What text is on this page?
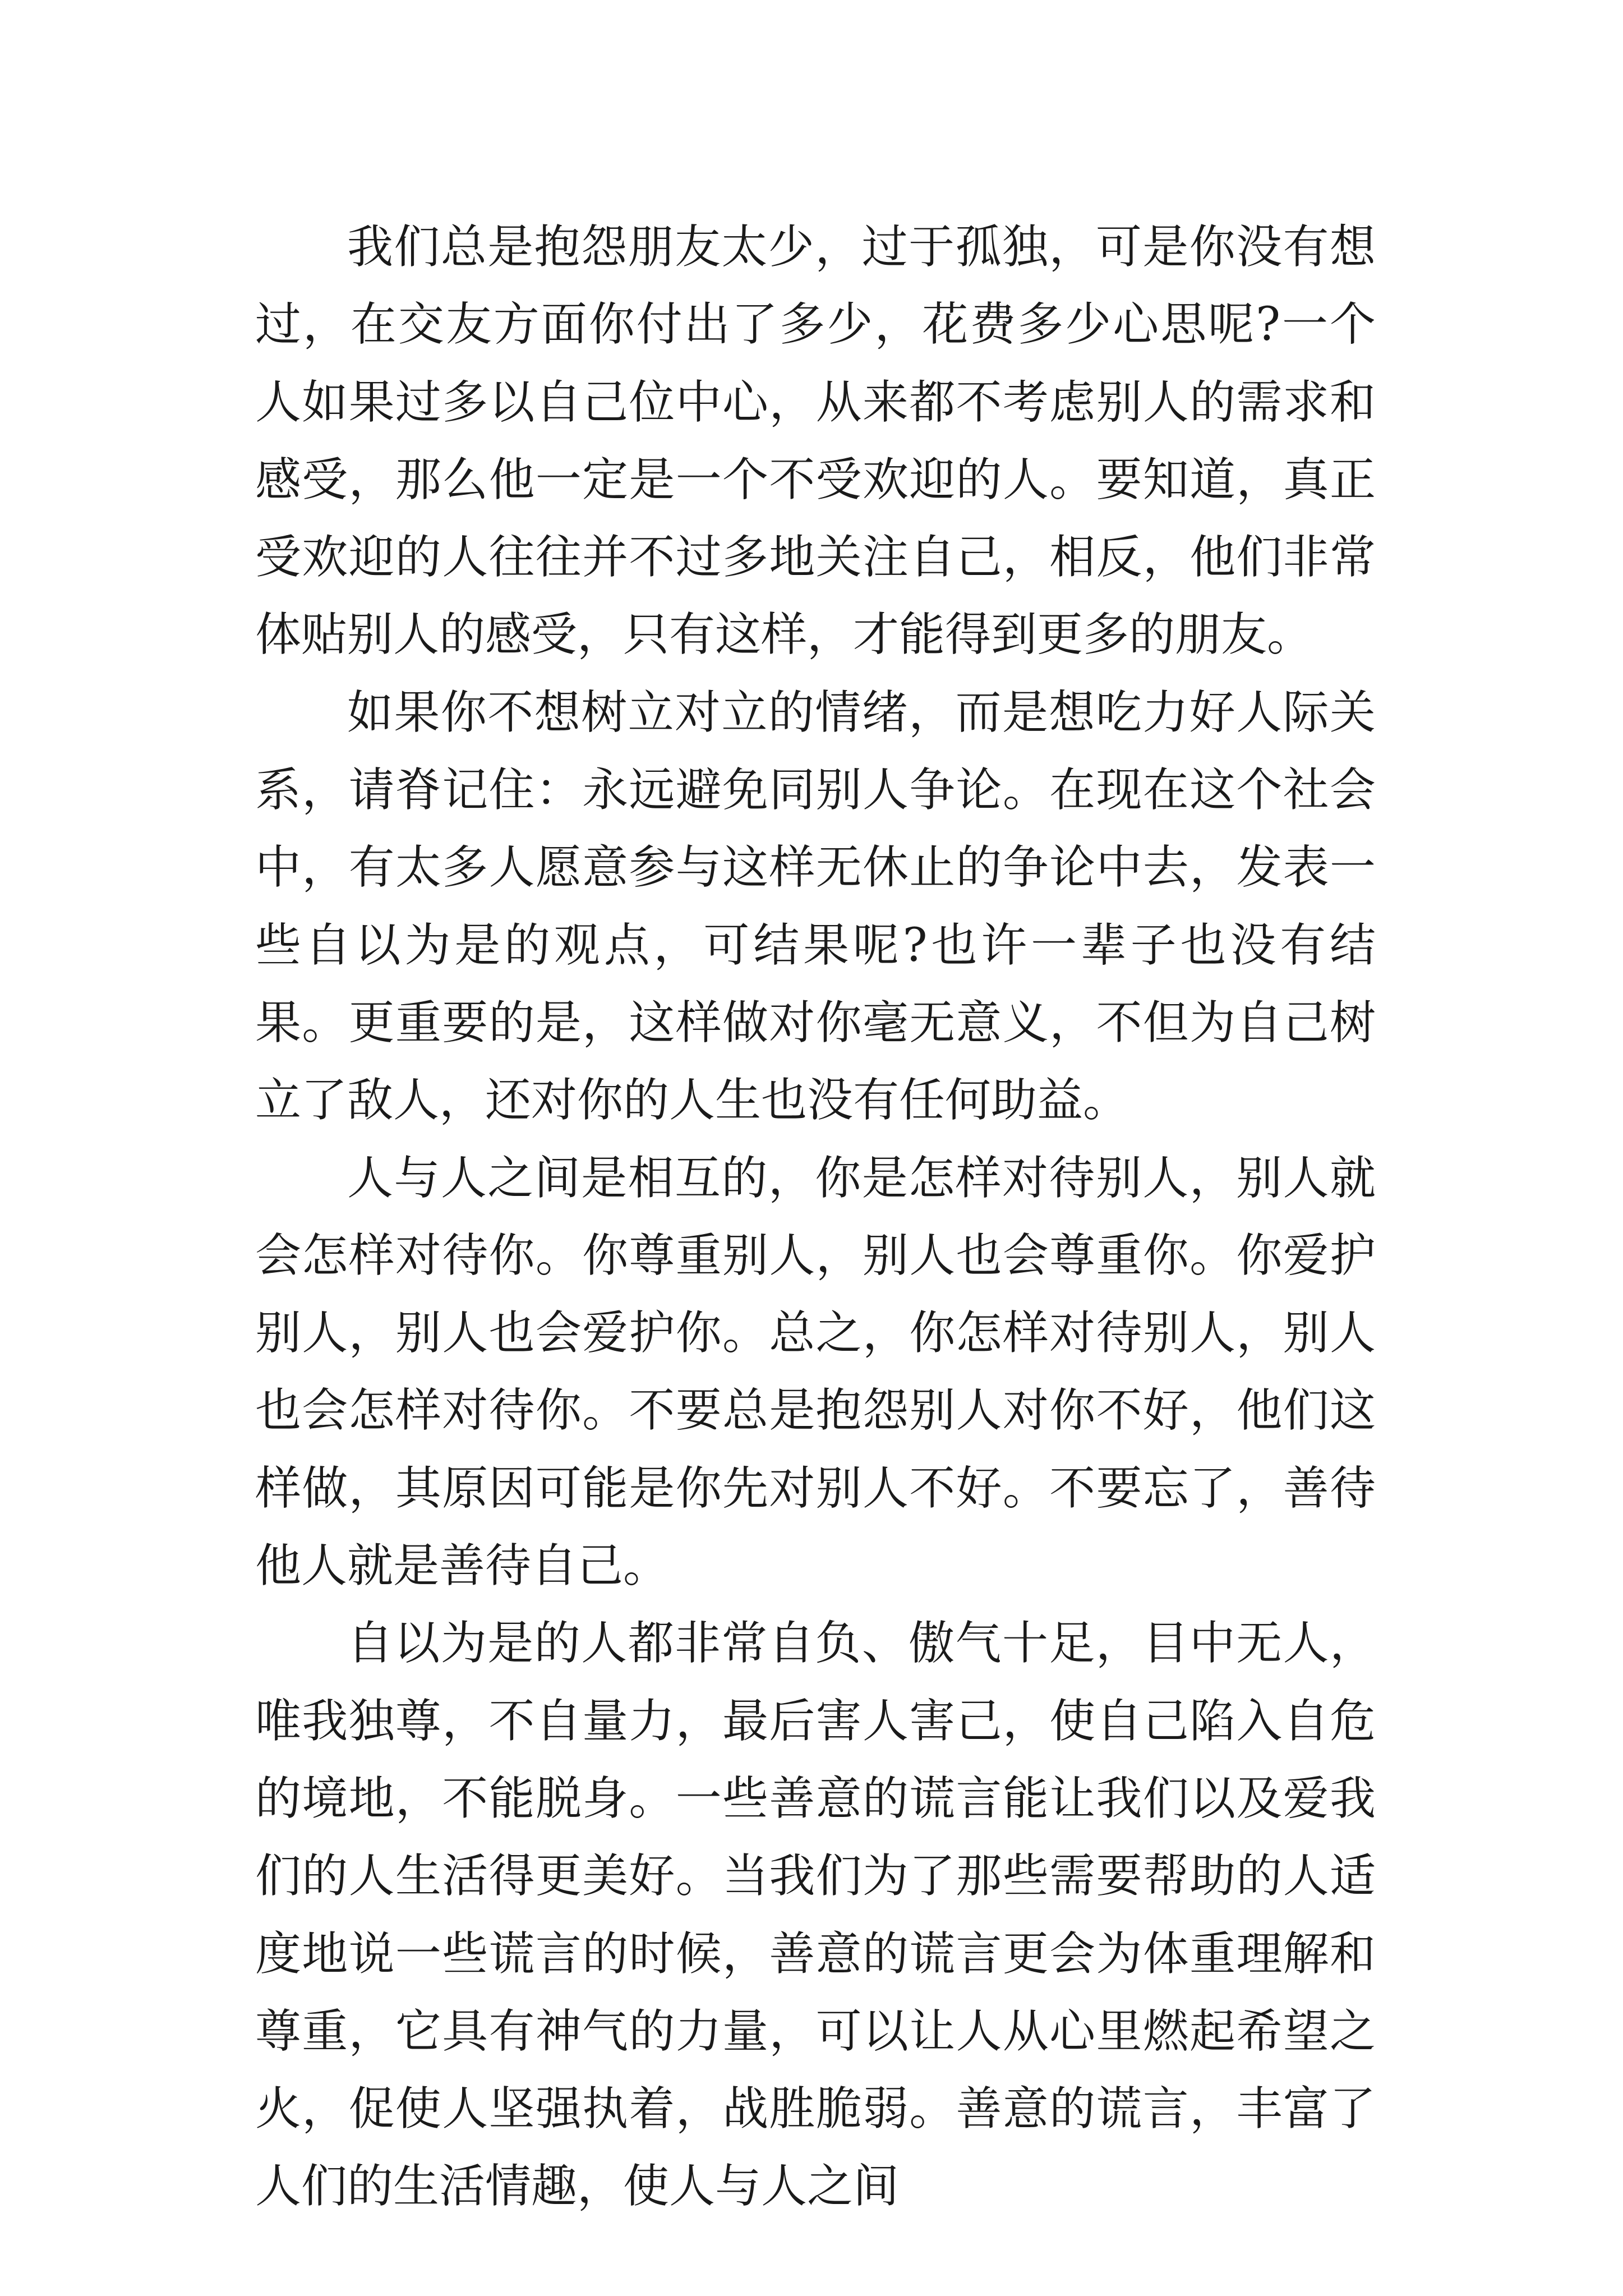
我们总是抱怨朋友太少，过于孤独，可是你没有想过，在交友方面你付出了多少，花费多少心思呢?一个人如果过多以自己位中心，从来都不考虑别人的需求和感受，那么他一定是一个不受欢迎的人。要知道，真正受欢迎的人往往并不过多地关注自己，相反，他们非常体贴别人的感受，只有这样，才能得到更多的朋友。

如果你不想树立对立的情绪，而是想吃力好人际关系，请脊记住：永远避免同别人争论。在现在这个社会中，有太多人愿意参与这样无休止的争论中去，发表一些自以为是的观点，可结果呢?也许一辈子也没有结果。更重要的是，这样做对你毫无意义，不但为自己树立了敌人，还对你的人生也没有任何助益。

人与人之间是相互的，你是怎样对待别人，别人就会怎样对待你。你尊重别人，别人也会尊重你。你爱护别人，别人也会爱护你。总之，你怎样对待别人，别人也会怎样对待你。不要总是抱怨别人对你不好，他们这样做，其原因可能是你先对别人不好。不要忘了，善待他人就是善待自己。

自以为是的人都非常自负、傲气十足，目中无人，唯我独尊，不自量力，最后害人害己，使自己陷入自危的境地，不能脱身。一些善意的谎言能让我们以及爱我们的人生活得更美好。当我们为了那些需要帮助的人适度地说一些谎言的时候，善意的谎言更会为体重理解和尊重，它具有神气的力量，可以让人从心里燃起希望之火，促使人坚强执着，战胜脆弱。善意的谎言，丰富了人们的生活情趣，使人与人之间
